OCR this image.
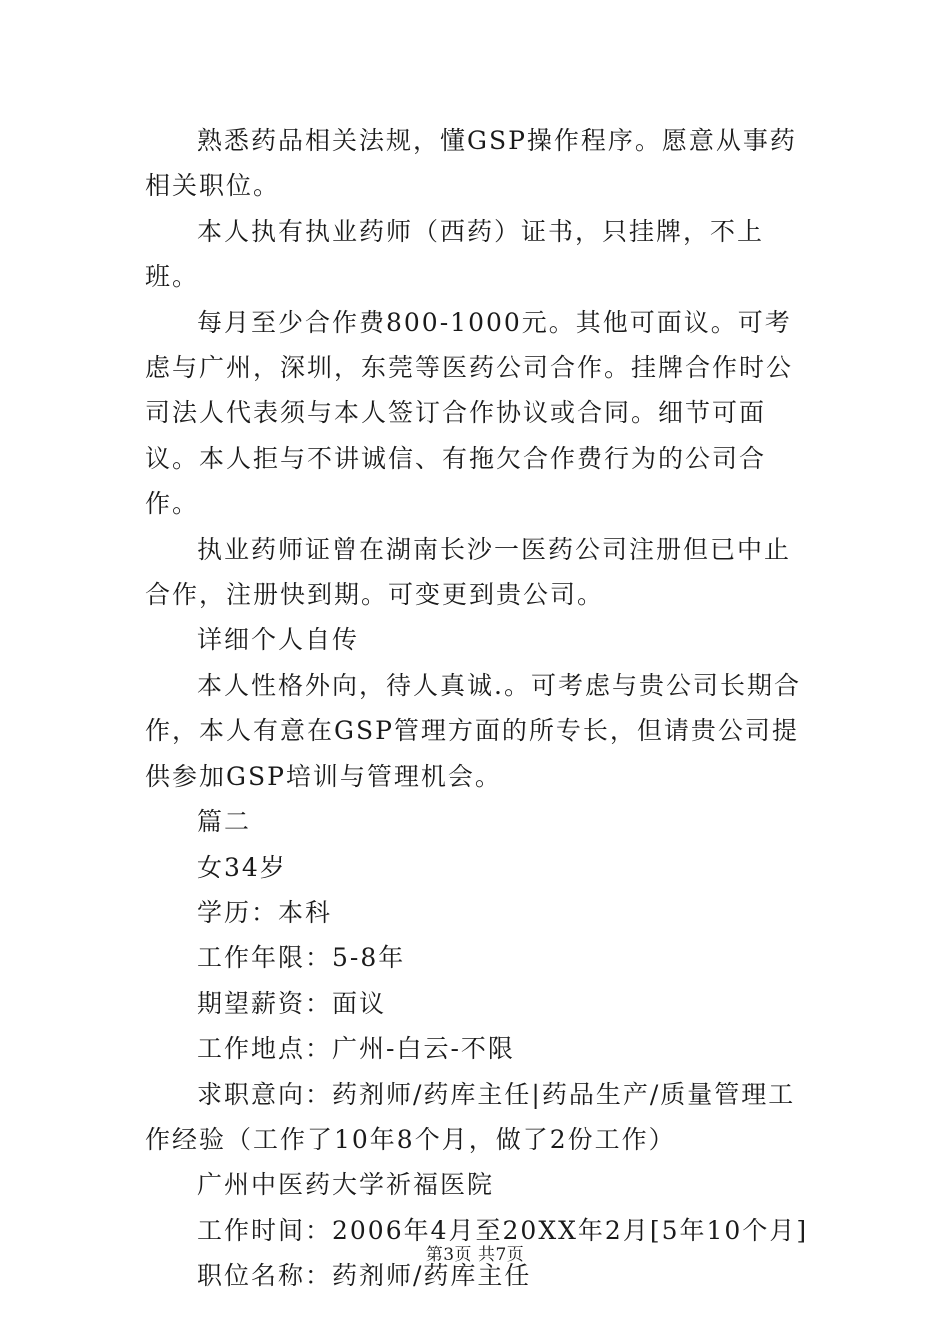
熟悉药品相关法规，懂GSP操作程序。愿意从事药相关职位。

本人执有执业药师（西药）证书，只挂牌，不上班。

每月至少合作费800-1000元。其他可面议。可考虑与广州，深圳，东莞等医药公司合作。挂牌合作时公司法人代表须与本人签订合作协议或合同。细节可面议。本人拒与不讲诚信、有拖欠合作费行为的公司合作。

执业药师证曾在湖南长沙一医药公司注册但已中止合作，注册快到期。可变更到贵公司。

详细个人自传

本人性格外向，待人真诚.。可考虑与贵公司长期合作，本人有意在GSP管理方面的所专长，但请贵公司提供参加GSP培训与管理机会。

篇二

女34岁

学历：本科

工作年限：5-8年

期望薪资：面议

工作地点：广州-白云-不限

求职意向：药剂师/药库主任|药品生产/质量管理工作经验（工作了10年8个月，做了2份工作）

广州中医药大学祈福医院

工作时间：2006年4月至20XX年2月[5年10个月]

职位名称：药剂师/药库主任

第3页 共7页
